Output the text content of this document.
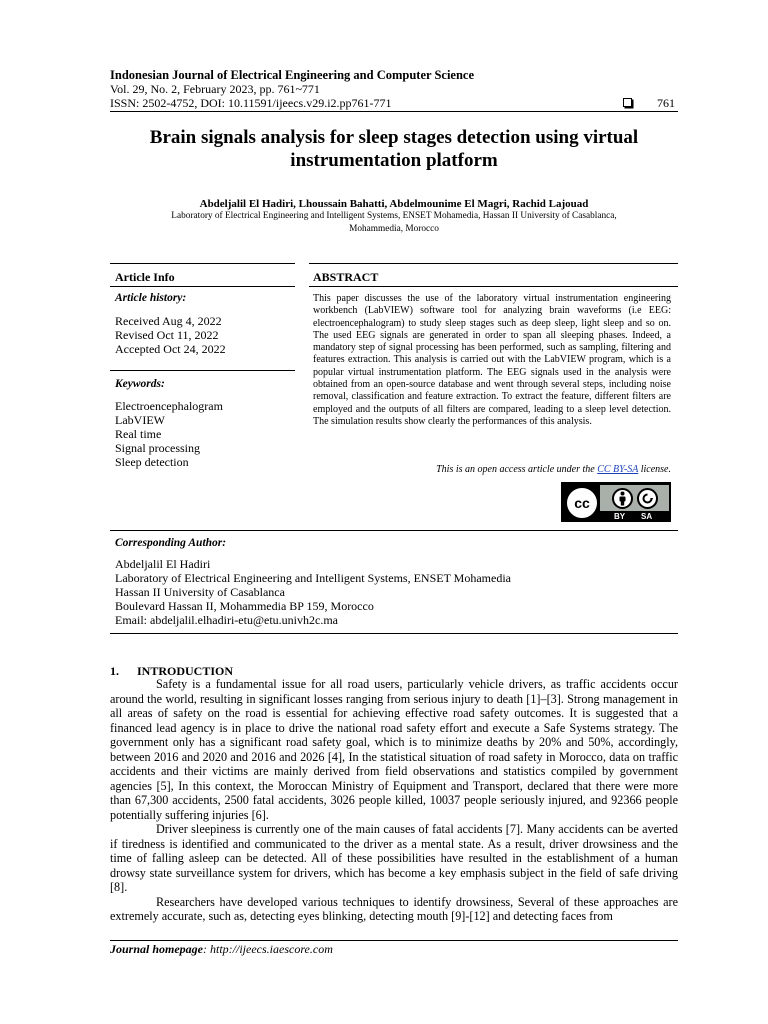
Indonesian Journal of Electrical Engineering and Computer Science
Vol. 29, No. 2, February 2023, pp. 761~771
ISSN: 2502-4752, DOI: 10.11591/ijeecs.v29.i2.pp761-771	761
Brain signals analysis for sleep stages detection using virtual instrumentation platform
Abdeljalil El Hadiri, Lhoussain Bahatti, Abdelmounime El Magri, Rachid Lajouad
Laboratory of Electrical Engineering and Intelligent Systems, ENSET Mohamedia, Hassan II University of Casablanca,
Mohammedia, Morocco
Article Info
Article history:
Received Aug 4, 2022
Revised Oct 11, 2022
Accepted Oct 24, 2022
Keywords:
Electroencephalogram
LabVIEW
Real time
Signal processing
Sleep detection
ABSTRACT
This paper discusses the use of the laboratory virtual instrumentation engineering workbench (LabVIEW) software tool for analyzing brain waveforms (i.e EEG: electroencephalogram) to study sleep stages such as deep sleep, light sleep and so on. The used EEG signals are generated in order to span all sleeping phases. Indeed, a mandatory step of signal processing has been performed, such as sampling, filtering and features extraction. This analysis is carried out with the LabVIEW program, which is a popular virtual instrumentation platform. The EEG signals used in the analysis were obtained from an open-source database and went through several steps, including noise removal, classification and feature extraction. To extract the feature, different filters are employed and the outputs of all filters are compared, leading to a sleep level detection. The simulation results show clearly the performances of this analysis.
This is an open access article under the CC BY-SA license.
cc
BY SA
Corresponding Author:
Abdeljalil El Hadiri
Laboratory of Electrical Engineering and Intelligent Systems, ENSET Mohamedia
Hassan II University of Casablanca
Boulevard Hassan II, Mohammedia BP 159, Morocco
Email: abdeljalil.elhadiri-etu@etu.univh2c.ma
1. INTRODUCTION

Safety is a fundamental issue for all road users, particularly vehicle drivers, as traffic accidents occur around the world, resulting in significant losses ranging from serious injury to death [1]–[3]. Strong management in all areas of safety on the road is essential for achieving effective road safety outcomes. It is suggested that a financed lead agency is in place to drive the national road safety effort and execute a Safe Systems strategy. The government only has a significant road safety goal, which is to minimize deaths by 20% and 50%, accordingly, between 2016 and 2020 and 2016 and 2026 [4], In the statistical situation of road safety in Morocco, data on traffic accidents and their victims are mainly derived from field observations and statistics compiled by government agencies [5], In this context, the Moroccan Ministry of Equipment and Transport, declared that there were more than 67,300 accidents, 2500 fatal accidents, 3026 people killed, 10037 people seriously injured, and 92366 people potentially suffering injuries [6].

Driver sleepiness is currently one of the main causes of fatal accidents [7]. Many accidents can be averted if tiredness is identified and communicated to the driver as a mental state. As a result, driver drowsiness and the time of falling asleep can be detected. All of these possibilities have resulted in the establishment of a human drowsy state surveillance system for drivers, which has become a key emphasis subject in the field of safe driving [8].

Researchers have developed various techniques to identify drowsiness, Several of these approaches are extremely accurate, such as, detecting eyes blinking, detecting mouth [9]-[12] and detecting faces from

Journal homepage: http://ijeecs.iaescore.com
